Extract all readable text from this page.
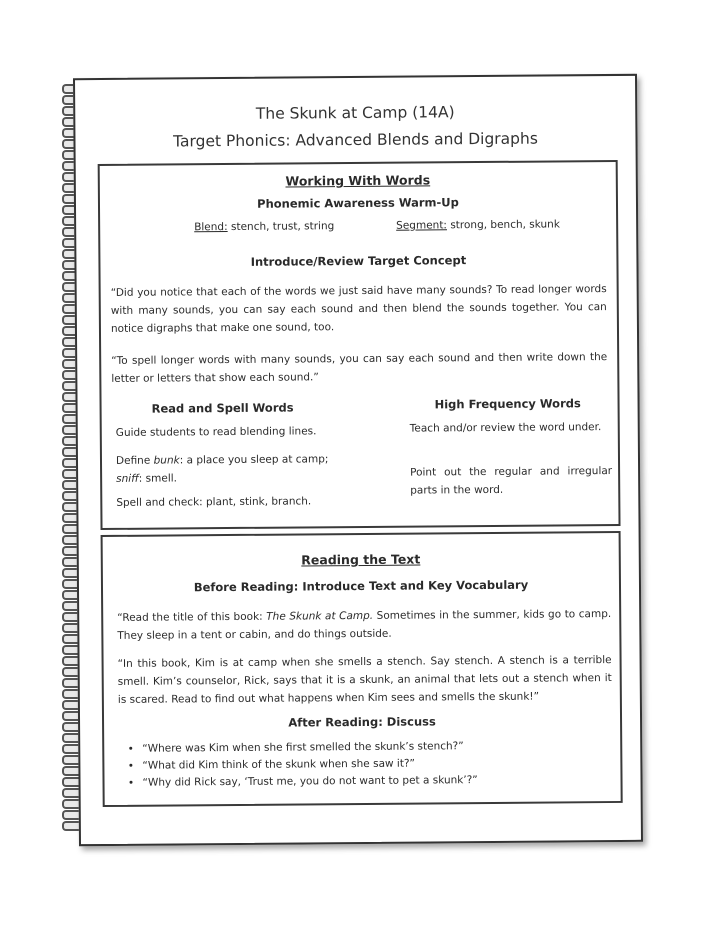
The Skunk at Camp (14A)
Target Phonics: Advanced Blends and Digraphs
Working With Words
Phonemic Awareness Warm-Up
Blend: stench, trust, string	Segment: strong, bench, skunk
Introduce/Review Target Concept
“Did you notice that each of the words we just said have many sounds? To read longer words with many sounds, you can say each sound and then blend the sounds together. You can notice digraphs that make one sound, too.
“To spell longer words with many sounds, you can say each sound and then write down the letter or letters that show each sound.”
Read and Spell Words
Guide students to read blending lines.
Define bunk: a place you sleep at camp; sniff: smell.
Spell and check: plant, stink, branch.
High Frequency Words
Teach and/or review the word under.
Point out the regular and irregular parts in the word.
Reading the Text
Before Reading: Introduce Text and Key Vocabulary
“Read the title of this book: The Skunk at Camp. Sometimes in the summer, kids go to camp. They sleep in a tent or cabin, and do things outside.
“In this book, Kim is at camp when she smells a stench. Say stench. A stench is a terrible smell. Kim’s counselor, Rick, says that it is a skunk, an animal that lets out a stench when it is scared. Read to find out what happens when Kim sees and smells the skunk!”
After Reading: Discuss
• “Where was Kim when she first smelled the skunk’s stench?”
• “What did Kim think of the skunk when she saw it?”
• “Why did Rick say, ‘Trust me, you do not want to pet a skunk’?”
